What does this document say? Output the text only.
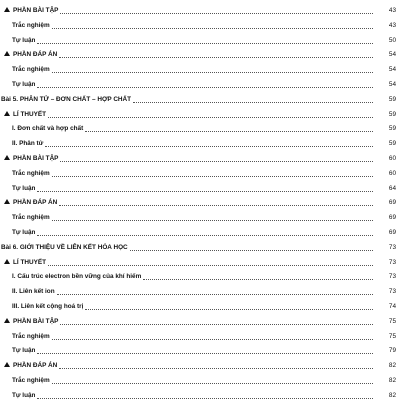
PHẦN BÀI TẬP	43
Trắc nghiệm	43
Tự luận	50
PHẦN ĐÁP ÁN	54
Trắc nghiệm	54
Tự luận	54
Bài 5. PHÂN TỬ – ĐƠN CHẤT – HỢP CHẤT	59
LÍ THUYẾT	59
I. Đơn chất và hợp chất	59
II. Phân tử	59
PHẦN BÀI TẬP	60
Trắc nghiệm	60
Tự luận	64
PHẦN ĐÁP ÁN	69
Trắc nghiệm	69
Tự luận	69
Bài 6. GIỚI THIỆU VỀ LIÊN KẾT HÓA HỌC	73
LÍ THUYẾT	73
I. Cấu trúc electron bền vững của khí hiếm	73
II. Liên kết ion	73
III. Liên kết cộng hoá trị	74
PHẦN BÀI TẬP	75
Trắc nghiệm	75
Tự luận	79
PHẦN ĐÁP ÁN	82
Trắc nghiệm	82
Tự luận	82
